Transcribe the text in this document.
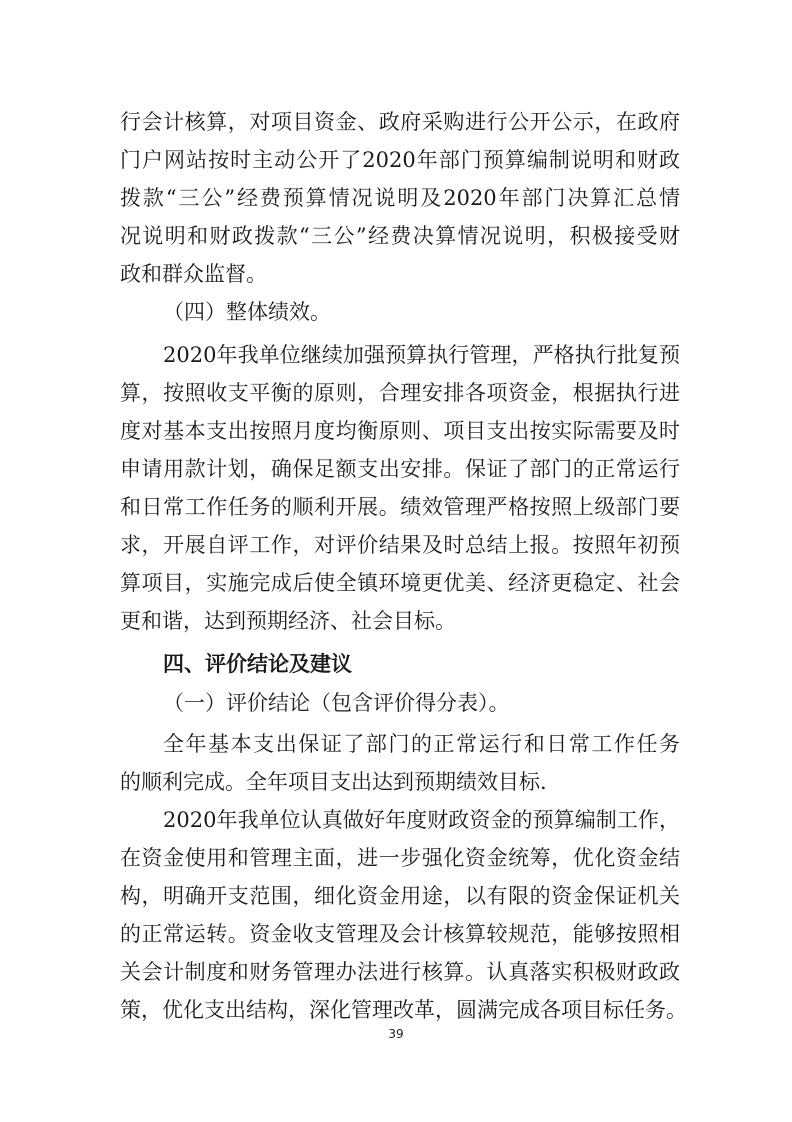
行会计核算，对项目资金、政府采购进行公开公示，在政府
门户网站按时主动公开了2020年部门预算编制说明和财政
拨款“三公”经费预算情况说明及2020年部门决算汇总情
况说明和财政拨款“三公”经费决算情况说明，积极接受财
政和群众监督。
（四）整体绩效。
2020年我单位继续加强预算执行管理，严格执行批复预
算，按照收支平衡的原则，合理安排各项资金，根据执行进
度对基本支出按照月度均衡原则、项目支出按实际需要及时
申请用款计划，确保足额支出安排。保证了部门的正常运行
和日常工作任务的顺利开展。绩效管理严格按照上级部门要
求，开展自评工作，对评价结果及时总结上报。按照年初预
算项目，实施完成后使全镇环境更优美、经济更稳定、社会
更和谐，达到预期经济、社会目标。
四、评价结论及建议
（一）评价结论（包含评价得分表）。
全年基本支出保证了部门的正常运行和日常工作任务
的顺利完成。全年项目支出达到预期绩效目标.
2020年我单位认真做好年度财政资金的预算编制工作，
在资金使用和管理主面，进一步强化资金统筹，优化资金结
构，明确开支范围，细化资金用途，以有限的资金保证机关
的正常运转。资金收支管理及会计核算较规范，能够按照相
关会计制度和财务管理办法进行核算。认真落实积极财政政
策，优化支出结构，深化管理改革，圆满完成各项目标任务。
39
